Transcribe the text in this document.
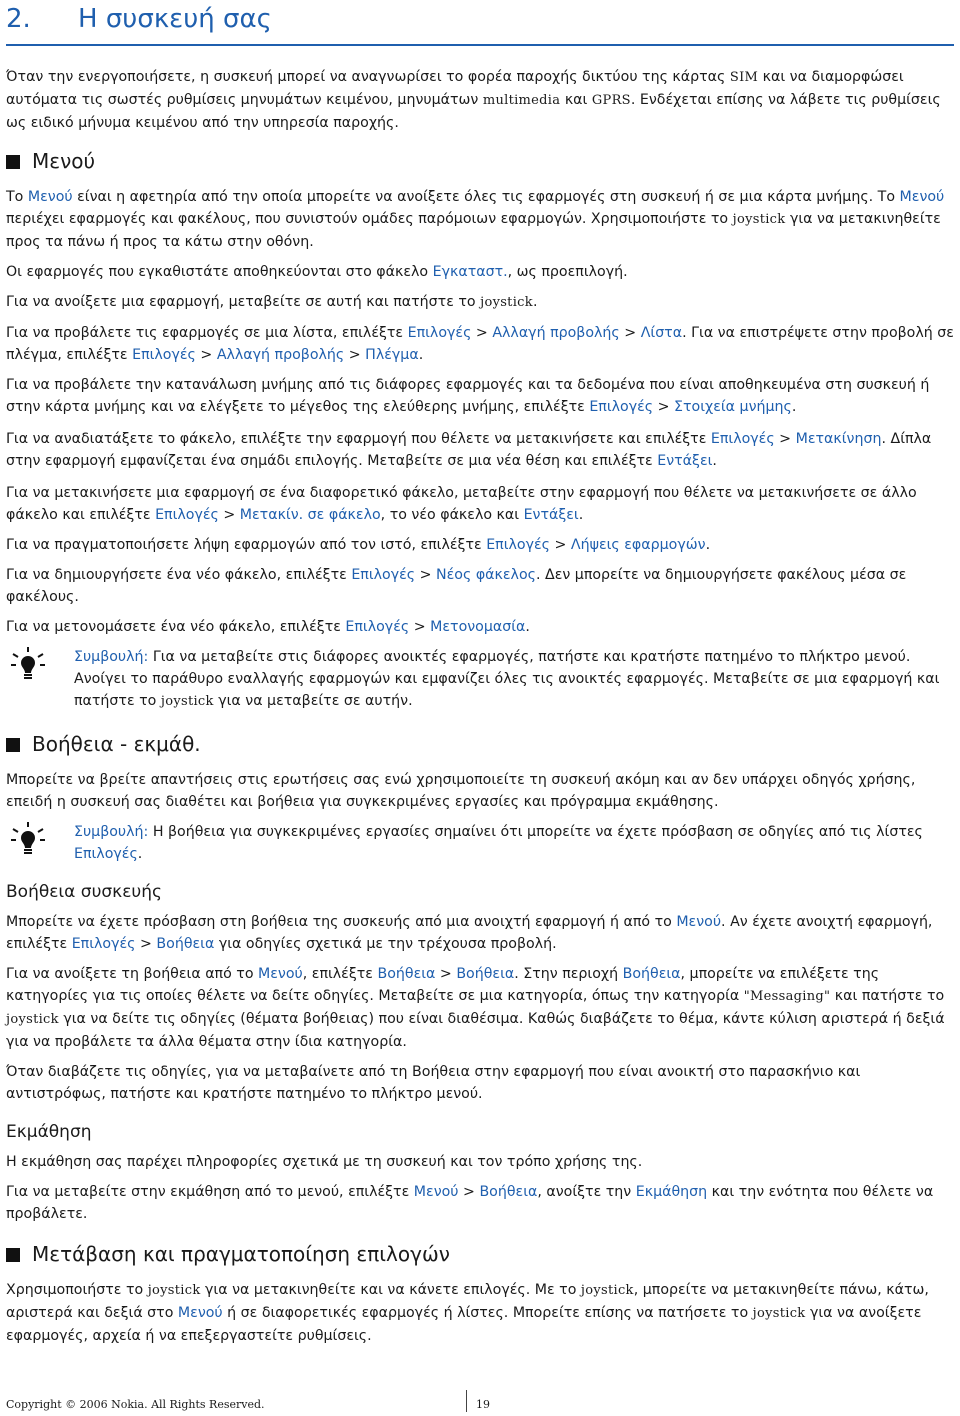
2. Η συσκευή σας

Όταν την ενεργοποιήσετε, η συσκευή μπορεί να αναγνωρίσει το φορέα παροχής δικτύου της κάρτας SIM και να διαμορφώσει αυτόματα τις σωστές ρυθμίσεις μηνυμάτων κειμένου, μηνυμάτων multimedia και GPRS. Ενδέχεται επίσης να λάβετε τις ρυθμίσεις ως ειδικό μήνυμα κειμένου από την υπηρεσία παροχής.

Μενού

Το Μενού είναι η αφετηρία από την οποία μπορείτε να ανοίξετε όλες τις εφαρμογές στη συσκευή ή σε μια κάρτα μνήμης. Το Μενού περιέχει εφαρμογές και φακέλους, που συνιστούν ομάδες παρόμοιων εφαρμογών. Χρησιμοποιήστε το joystick για να μετακινηθείτε προς τα πάνω ή προς τα κάτω στην οθόνη.

Οι εφαρμογές που εγκαθιστάτε αποθηκεύονται στο φάκελο Εγκαταστ., ως προεπιλογή.

Για να ανοίξετε μια εφαρμογή, μεταβείτε σε αυτή και πατήστε το joystick.

Για να προβάλετε τις εφαρμογές σε μια λίστα, επιλέξτε Επιλογές > Αλλαγή προβολής > Λίστα. Για να επιστρέψετε στην προβολή σε πλέγμα, επιλέξτε Επιλογές > Αλλαγή προβολής > Πλέγμα.

Για να προβάλετε την κατανάλωση μνήμης από τις διάφορες εφαρμογές και τα δεδομένα που είναι αποθηκευμένα στη συσκευή ή στην κάρτα μνήμης και να ελέγξετε το μέγεθος της ελεύθερης μνήμης, επιλέξτε Επιλογές > Στοιχεία μνήμης.

Για να αναδιατάξετε το φάκελο, επιλέξτε την εφαρμογή που θέλετε να μετακινήσετε και επιλέξτε Επιλογές > Μετακίνηση. Δίπλα στην εφαρμογή εμφανίζεται ένα σημάδι επιλογής. Μεταβείτε σε μια νέα θέση και επιλέξτε Εντάξει.

Για να μετακινήσετε μια εφαρμογή σε ένα διαφορετικό φάκελο, μεταβείτε στην εφαρμογή που θέλετε να μετακινήσετε σε άλλο φάκελο και επιλέξτε Επιλογές > Μετακίν. σε φάκελο, το νέο φάκελο και Εντάξει.

Για να πραγματοποιήσετε λήψη εφαρμογών από τον ιστό, επιλέξτε Επιλογές > Λήψεις εφαρμογών.

Για να δημιουργήσετε ένα νέο φάκελο, επιλέξτε Επιλογές > Νέος φάκελος. Δεν μπορείτε να δημιουργήσετε φακέλους μέσα σε φακέλους.

Για να μετονομάσετε ένα νέο φάκελο, επιλέξτε Επιλογές > Μετονομασία.

Συμβουλή: Για να μεταβείτε στις διάφορες ανοικτές εφαρμογές, πατήστε και κρατήστε πατημένο το πλήκτρο μενού. Ανοίγει το παράθυρο εναλλαγής εφαρμογών και εμφανίζει όλες τις ανοικτές εφαρμογές. Μεταβείτε σε μια εφαρμογή και πατήστε το joystick για να μεταβείτε σε αυτήν.
Βοήθεια - εκμάθ.

Μπορείτε να βρείτε απαντήσεις στις ερωτήσεις σας ενώ χρησιμοποιείτε τη συσκευή ακόμη και αν δεν υπάρχει οδηγός χρήσης, επειδή η συσκευή σας διαθέτει και βοήθεια για συγκεκριμένες εργασίες και πρόγραμμα εκμάθησης.

Συμβουλή: Η βοήθεια για συγκεκριμένες εργασίες σημαίνει ότι μπορείτε να έχετε πρόσβαση σε οδηγίες από τις λίστες Επιλογές.
Βοήθεια συσκευής

Μπορείτε να έχετε πρόσβαση στη βοήθεια της συσκευής από μια ανοιχτή εφαρμογή ή από το Μενού. Αν έχετε ανοιχτή εφαρμογή, επιλέξτε Επιλογές > Βοήθεια για οδηγίες σχετικά με την τρέχουσα προβολή.

Για να ανοίξετε τη βοήθεια από το Μενού, επιλέξτε Βοήθεια > Βοήθεια. Στην περιοχή Βοήθεια, μπορείτε να επιλέξετε της κατηγορίες για τις οποίες θέλετε να δείτε οδηγίες. Μεταβείτε σε μια κατηγορία, όπως την κατηγορία "Messaging" και πατήστε το joystick για να δείτε τις οδηγίες (θέματα βοήθειας) που είναι διαθέσιμα. Καθώς διαβάζετε το θέμα, κάντε κύλιση αριστερά ή δεξιά για να προβάλετε τα άλλα θέματα στην ίδια κατηγορία.

Όταν διαβάζετε τις οδηγίες, για να μεταβαίνετε από τη Βοήθεια στην εφαρμογή που είναι ανοικτή στο παρασκήνιο και αντιστρόφως, πατήστε και κρατήστε πατημένο το πλήκτρο μενού.

Εκμάθηση

Η εκμάθηση σας παρέχει πληροφορίες σχετικά με τη συσκευή και τον τρόπο χρήσης της.

Για να μεταβείτε στην εκμάθηση από το μενού, επιλέξτε Μενού > Βοήθεια, ανοίξτε την Εκμάθηση και την ενότητα που θέλετε να προβάλετε.

Μετάβαση και πραγματοποίηση επιλογών

Χρησιμοποιήστε το joystick για να μετακινηθείτε και να κάνετε επιλογές. Με το joystick, μπορείτε να μετακινηθείτε πάνω, κάτω, αριστερά και δεξιά στο Μενού ή σε διαφορετικές εφαρμογές ή λίστες. Μπορείτε επίσης να πατήσετε το joystick για να ανοίξετε εφαρμογές, αρχεία ή να επεξεργαστείτε ρυθμίσεις.

Copyright © 2006 Nokia. All Rights Reserved.	19
